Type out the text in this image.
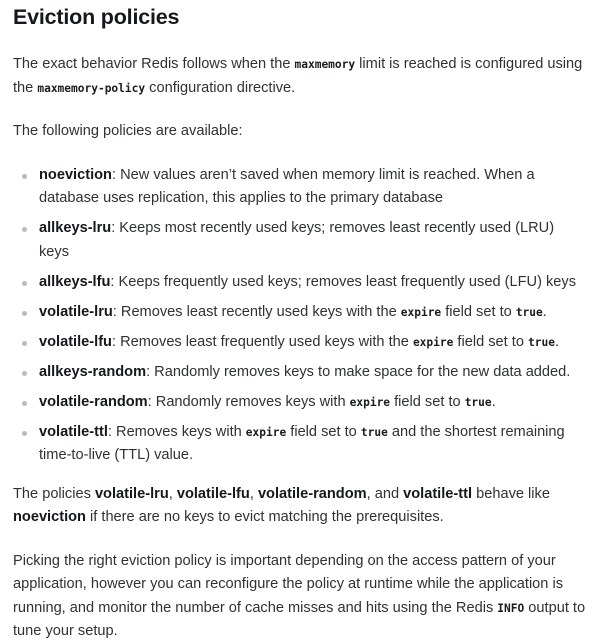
Eviction policies

The exact behavior Redis follows when the maxmemory limit is reached is configured using the maxmemory-policy configuration directive.

The following policies are available:

noeviction: New values aren’t saved when memory limit is reached. When a database uses replication, this applies to the primary database
allkeys-lru: Keeps most recently used keys; removes least recently used (LRU) keys
allkeys-lfu: Keeps frequently used keys; removes least frequently used (LFU) keys
volatile-lru: Removes least recently used keys with the expire field set to true.
volatile-lfu: Removes least frequently used keys with the expire field set to true.
allkeys-random: Randomly removes keys to make space for the new data added.
volatile-random: Randomly removes keys with expire field set to true.
volatile-ttl: Removes keys with expire field set to true and the shortest remaining time-to-live (TTL) value.

The policies volatile-lru, volatile-lfu, volatile-random, and volatile-ttl behave like noeviction if there are no keys to evict matching the prerequisites.

Picking the right eviction policy is important depending on the access pattern of your application, however you can reconfigure the policy at runtime while the application is running, and monitor the number of cache misses and hits using the Redis INFO output to tune your setup.
